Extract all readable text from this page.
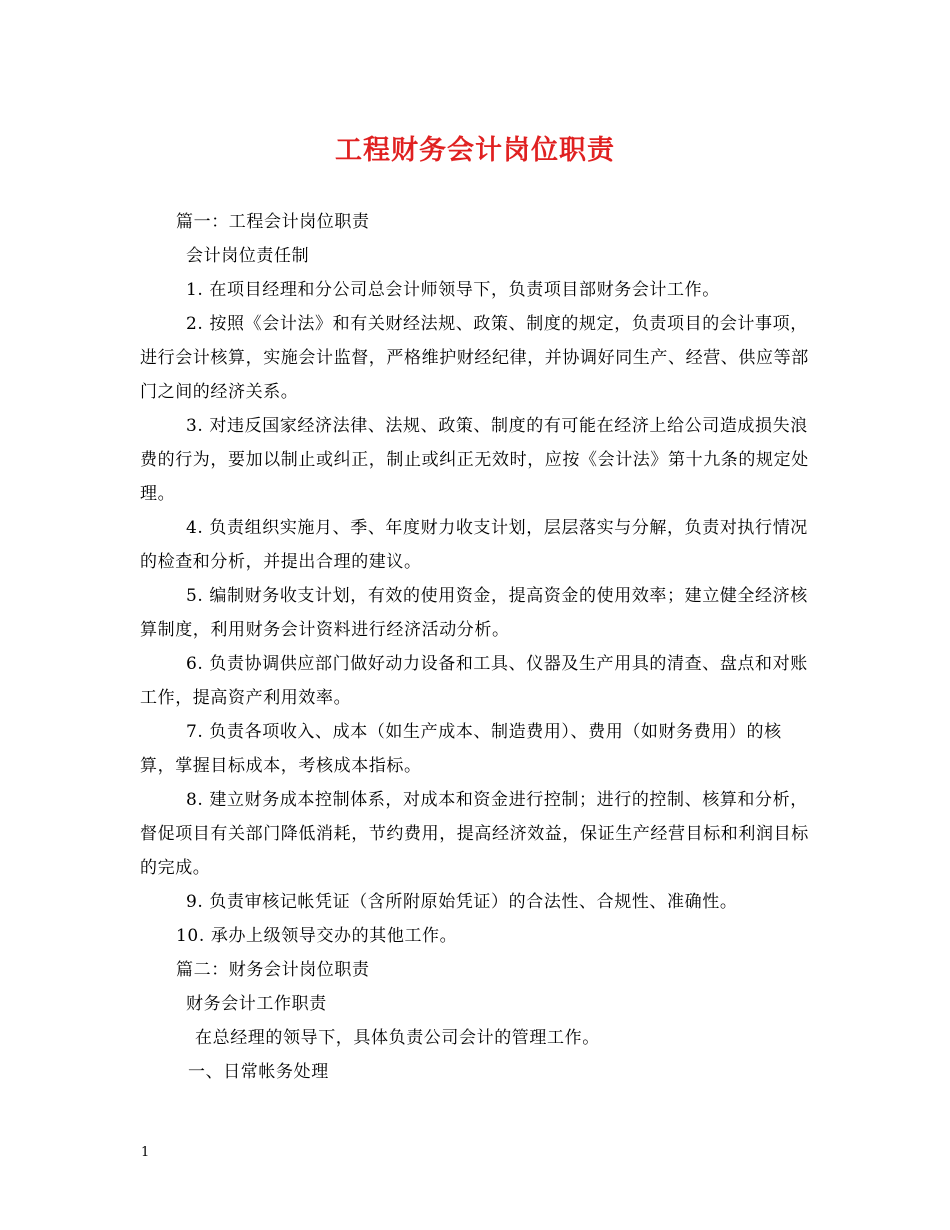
工程财务会计岗位职责

篇一：工程会计岗位职责

会计岗位责任制

1. 在项目经理和分公司总会计师领导下，负责项目部财务会计工作。

2. 按照《会计法》和有关财经法规、政策、制度的规定，负责项目的会计事项，进行会计核算，实施会计监督，严格维护财经纪律，并协调好同生产、经营、供应等部门之间的经济关系。

3. 对违反国家经济法律、法规、政策、制度的有可能在经济上给公司造成损失浪费的行为，要加以制止或纠正，制止或纠正无效时，应按《会计法》第十九条的规定处理。

4. 负责组织实施月、季、年度财力收支计划，层层落实与分解，负责对执行情况的检查和分析，并提出合理的建议。

5. 编制财务收支计划，有效的使用资金，提高资金的使用效率；建立健全经济核算制度，利用财务会计资料进行经济活动分析。

6. 负责协调供应部门做好动力设备和工具、仪器及生产用具的清查、盘点和对账工作，提高资产利用效率。

7. 负责各项收入、成本（如生产成本、制造费用）、费用（如财务费用）的核算，掌握目标成本，考核成本指标。

8. 建立财务成本控制体系，对成本和资金进行控制；进行的控制、核算和分析，督促项目有关部门降低消耗，节约费用，提高经济效益，保证生产经营目标和利润目标的完成。

9. 负责审核记帐凭证（含所附原始凭证）的合法性、合规性、准确性。

10. 承办上级领导交办的其他工作。

篇二：财务会计岗位职责

财务会计工作职责

在总经理的领导下，具体负责公司会计的管理工作。

一、日常帐务处理

1
